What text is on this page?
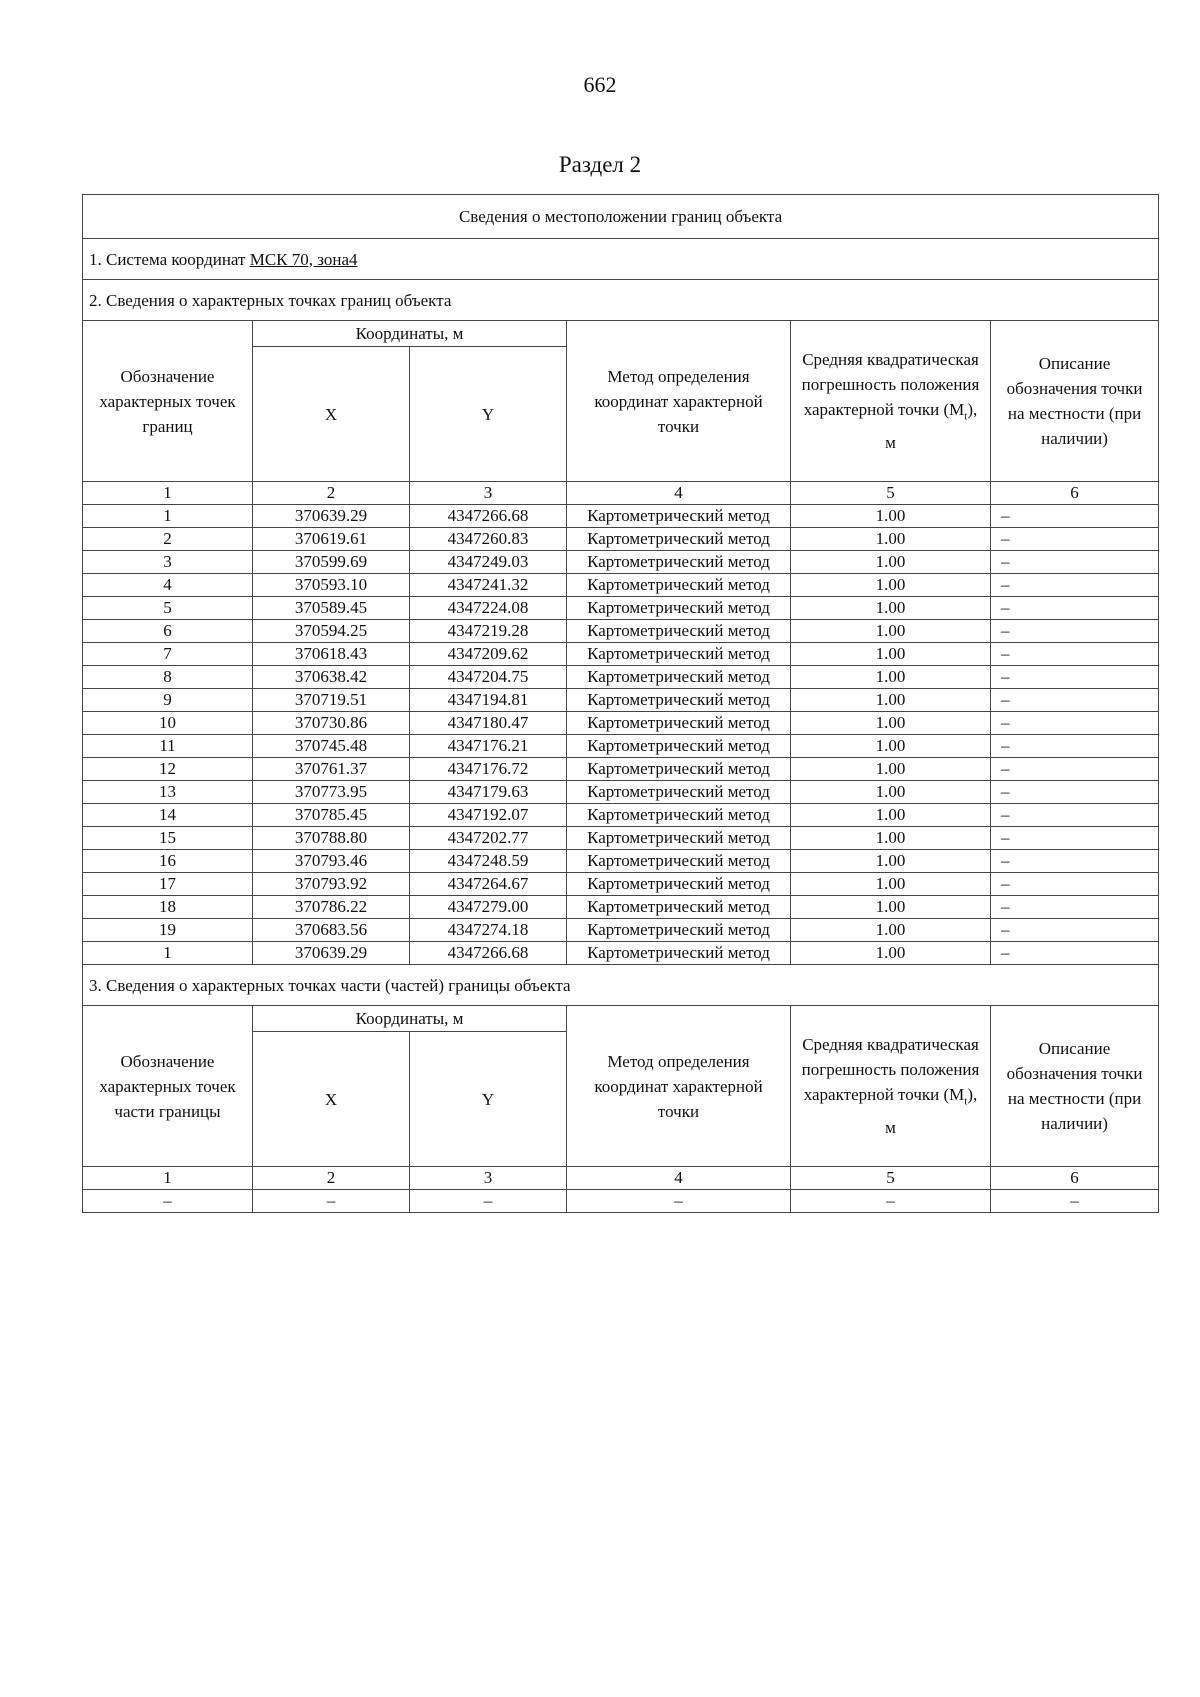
662
Раздел 2
Сведения о местоположении границ объекта					
1. Система координат МСК 70, зона4					
2. Сведения о характерных точках границ объекта					
Обозначение характерных точек границ	Координаты, м		Метод определения координат характерной точки	Средняя квадратическая погрешность положения характерной точки $(M_t)$, м	Описание обозначения точки на местности (при наличии)
	X	Y			
1	2	3	4	5	6
1	370639.29	4347266.68	Картометрический метод	1.00	–
2	370619.61	4347260.83	Картометрический метод	1.00	–
3	370599.69	4347249.03	Картометрический метод	1.00	–
4	370593.10	4347241.32	Картометрический метод	1.00	–
5	370589.45	4347224.08	Картометрический метод	1.00	–
6	370594.25	4347219.28	Картометрический метод	1.00	–
7	370618.43	4347209.62	Картометрический метод	1.00	–
8	370638.42	4347204.75	Картометрический метод	1.00	–
9	370719.51	4347194.81	Картометрический метод	1.00	–
10	370730.86	4347180.47	Картометрический метод	1.00	–
11	370745.48	4347176.21	Картометрический метод	1.00	–
12	370761.37	4347176.72	Картометрический метод	1.00	–
13	370773.95	4347179.63	Картометрический метод	1.00	–
14	370785.45	4347192.07	Картометрический метод	1.00	–
15	370788.80	4347202.77	Картометрический метод	1.00	–
16	370793.46	4347248.59	Картометрический метод	1.00	–
17	370793.92	4347264.67	Картометрический метод	1.00	–
18	370786.22	4347279.00	Картометрический метод	1.00	–
19	370683.56	4347274.18	Картометрический метод	1.00	–
1	370639.29	4347266.68	Картометрический метод	1.00	–
3. Сведения о характерных точках части (частей) границы объекта					
Обозначение характерных точек части границы	Координаты, м		Метод определения координат характерной точки	Средняя квадратическая погрешность положения характерной точки $(M_t)$, м	Описание обозначения точки на местности (при наличии)
	X	Y			
1	2	3	4	5	6
–	–	–	–	–	–
